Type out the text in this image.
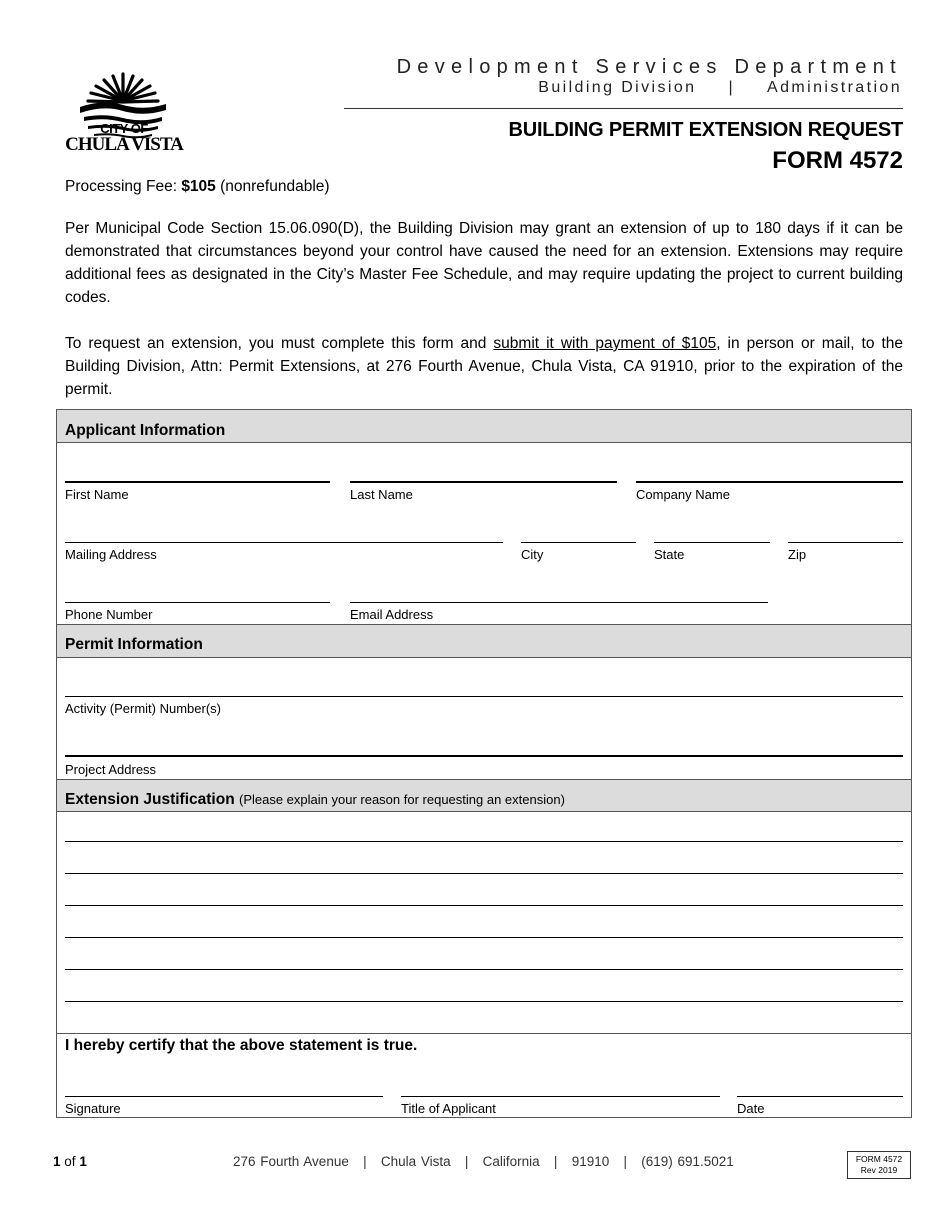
CITY OF
CHULA VISTA
Development Services Department
Building Division | Administration
BUILDING PERMIT EXTENSION REQUEST
FORM 4572
Processing Fee: $105 (nonrefundable)
Per Municipal Code Section 15.06.090(D), the Building Division may grant an extension of up to 180 days if it can be demonstrated that circumstances beyond your control have caused the need for an extension. Extensions may require additional fees as designated in the City’s Master Fee Schedule, and may require updating the project to current building codes.
To request an extension, you must complete this form and submit it with payment of $105, in person or mail, to the Building Division, Attn: Permit Extensions, at 276 Fourth Avenue, Chula Vista, CA 91910, prior to the expiration of the permit.
Applicant Information
First Name	Last Name	Company Name
Mailing Address	City	State	Zip
Phone Number	Email Address
Permit Information
Activity (Permit) Number(s)
Project Address
Extension Justification (Please explain your reason for requesting an extension)
I hereby certify that the above statement is true.
Signature	Title of Applicant	Date
1 of 1	276 Fourth Avenue   |   Chula Vista   |   California   |   91910   |   (619) 691.5021	FORM 4572
Rev 2019
